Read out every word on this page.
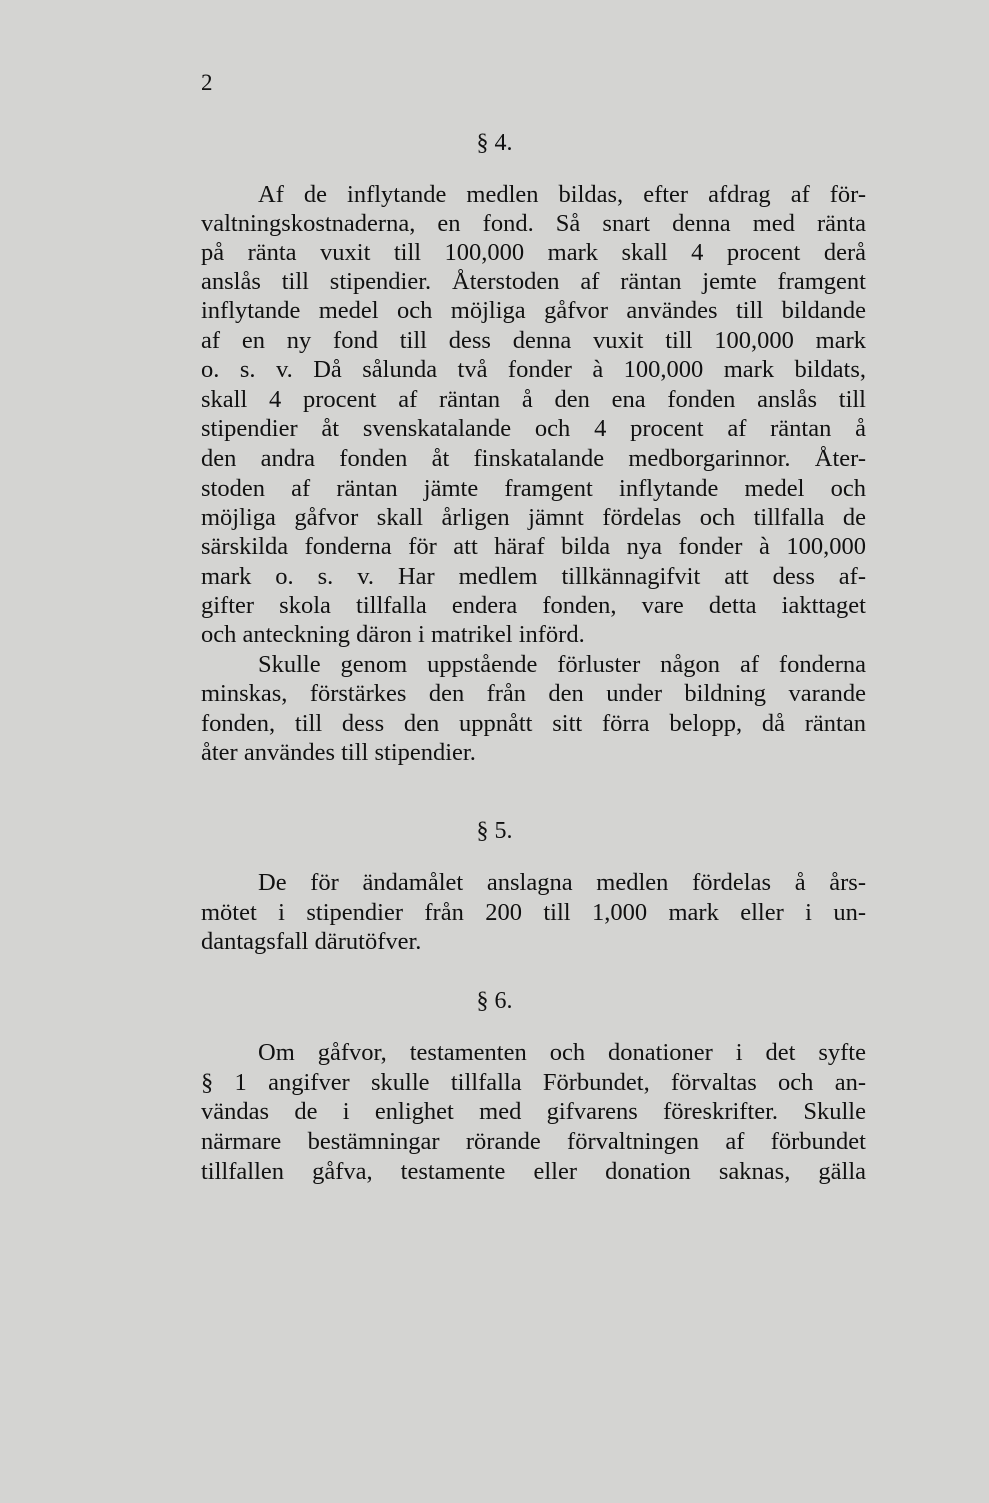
2
§ 4.
Af de inflytande medlen bildas, efter afdrag af för-
valtningskostnaderna, en fond. Så snart denna med ränta
på ränta vuxit till 100,000 mark skall 4 procent derå
anslås till stipendier. Återstoden af räntan jemte framgent
inflytande medel och möjliga gåfvor användes till bildande
af en ny fond till dess denna vuxit till 100,000 mark
o. s. v. Då sålunda två fonder à 100,000 mark bildats,
skall 4 procent af räntan å den ena fonden anslås till
stipendier åt svenskatalande och 4 procent af räntan å
den andra fonden åt finskatalande medborgarinnor. Åter-
stoden af räntan jämte framgent inflytande medel och
möjliga gåfvor skall årligen jämnt fördelas och tillfalla de
särskilda fonderna för att häraf bilda nya fonder à 100,000
mark o. s. v. Har medlem tillkännagifvit att dess af-
gifter skola tillfalla endera fonden, vare detta iakttaget
och anteckning däron i matrikel införd.
Skulle genom uppstående förluster någon af fonderna
minskas, förstärkes den från den under bildning varande
fonden, till dess den uppnått sitt förra belopp, då räntan
åter användes till stipendier.
§ 5.
De för ändamålet anslagna medlen fördelas å års-
mötet i stipendier från 200 till 1,000 mark eller i un-
dantagsfall därutöfver.
§ 6.
Om gåfvor, testamenten och donationer i det syfte
§ 1 angifver skulle tillfalla Förbundet, förvaltas och an-
vändas de i enlighet med gifvarens föreskrifter. Skulle
närmare bestämningar rörande förvaltningen af förbundet
tillfallen gåfva, testamente eller donation saknas, gälla
